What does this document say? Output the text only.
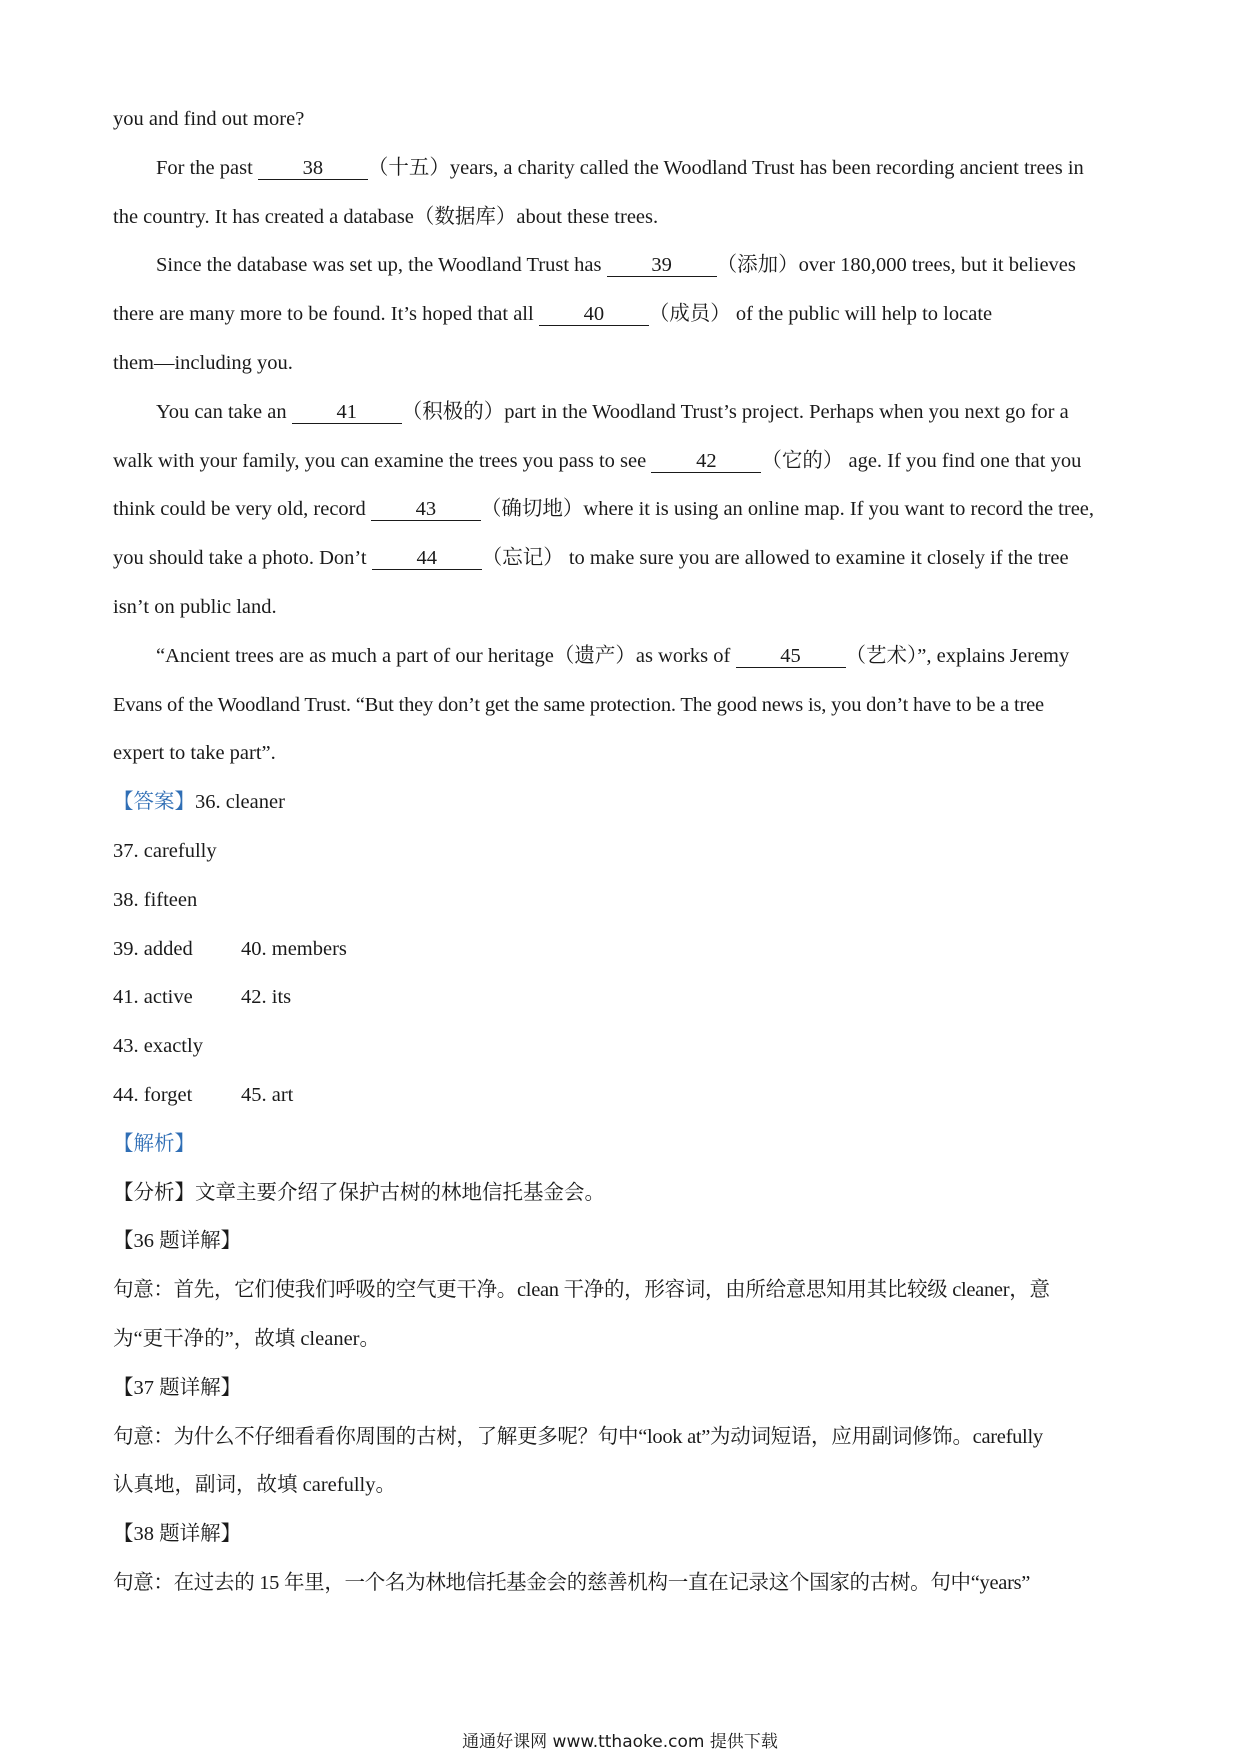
you and find out more?
For the past 38 （十五）years, a charity called the Woodland Trust has been recording ancient trees in
the country. It has created a database（数据库）about these trees.
Since the database was set up, the Woodland Trust has 39 （添加）over 180,000 trees, but it believes
there are many more to be found. It’s hoped that all 40 （成员） of the public will help to locate
them—including you.
You can take an 41 （积极的）part in the Woodland Trust’s project. Perhaps when you next go for a
walk with your family, you can examine the trees you pass to see 42 （它的） age. If you find one that you
think could be very old, record 43 （确切地）where it is using an online map. If you want to record the tree,
you should take a photo. Don’t 44 （忘记） to make sure you are allowed to examine it closely if the tree
isn’t on public land.
“Ancient trees are as much a part of our heritage（遗产）as works of 45 （艺术）”, explains Jeremy
Evans of the Woodland Trust. “But they don’t get the same protection. The good news is, you don’t have to be a tree
expert to take part”.
【答案】36. cleaner
37. carefully
38. fifteen
39. added 40. members
41. active 42. its
43. exactly
44. forget 45. art
【解析】
【分析】文章主要介绍了保护古树的林地信托基金会。
【36 题详解】
句意：首先，它们使我们呼吸的空气更干净。clean 干净的，形容词，由所给意思知用其比较级 cleaner，意
为“更干净的”，故填 cleaner。
【37 题详解】
句意：为什么不仔细看看你周围的古树，了解更多呢？句中“look at”为动词短语，应用副词修饰。carefully
认真地，副词，故填 carefully。
【38 题详解】
句意：在过去的 15 年里，一个名为林地信托基金会的慈善机构一直在记录这个国家的古树。句中“years”
通通好课网 www.tthaoke.com 提供下载
